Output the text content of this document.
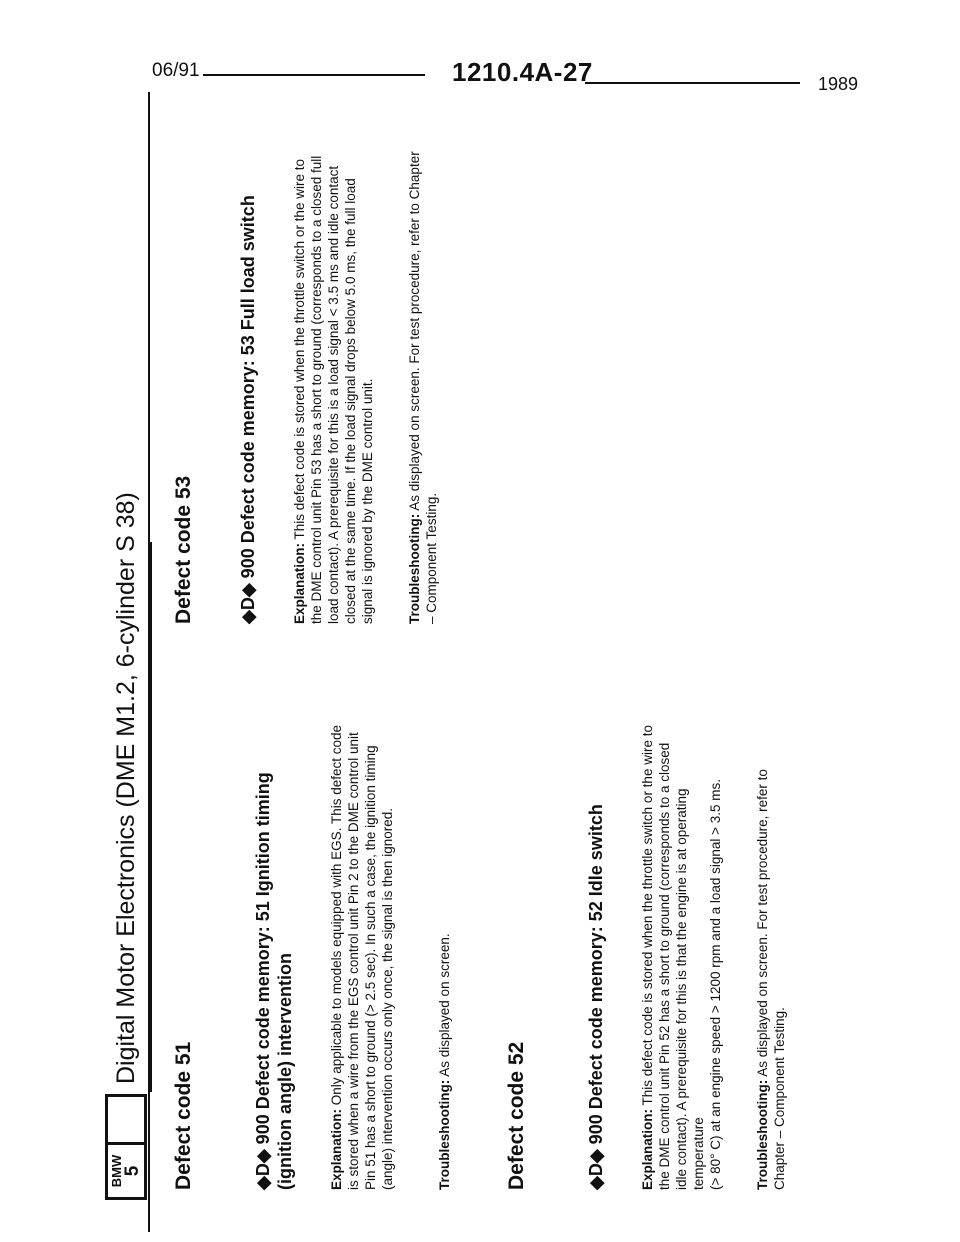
06/91	1210.4A-27	1989
BMW
5
Digital Motor Electronics (DME M1.2, 6-cylinder S 38)
Defect code 51	◆D◆ 900 Defect code memory: 51 Ignition timing (ignition angle) intervention	Explanation: Only applicable to models equipped with EGS. This defect code is stored when a wire from the EGS control unit Pin 2 to the DME control unit Pin 51 has a short to ground (> 2.5 sec). In such a case, the ignition timing (angle) intervention occurs only once, the signal is then ignored.	Troubleshooting: As displayed on screen.

Defect code 52	◆D◆ 900 Defect code memory: 52 Idle switch	Explanation: This defect code is stored when the throttle switch or the wire to the DME control unit Pin 52 has a short to ground (corresponds to a closed idle contact). A prerequisite for this is that the engine is at operating temperature (> 80° C) at an engine speed > 1200 rpm and a load signal > 3.5 ms. Troubleshooting: As displayed on screen. For test procedure, refer to Chapter – Component Testing.

Defect code 53 ◆D◆ 900 Defect code memory: 53 Full load switch	Explanation: This defect code is stored when the throttle switch or the wire to the DME control unit Pin 53 has a short to ground (corresponds to a closed full load contact). A prerequisite for this is a load signal < 3.5 ms and idle contact closed at the same time. If the load signal drops below 5.0 ms, the full load signal is ignored by the DME control unit. Troubleshooting: As displayed on screen. For test procedure, refer to Chapter – Component Testing.
